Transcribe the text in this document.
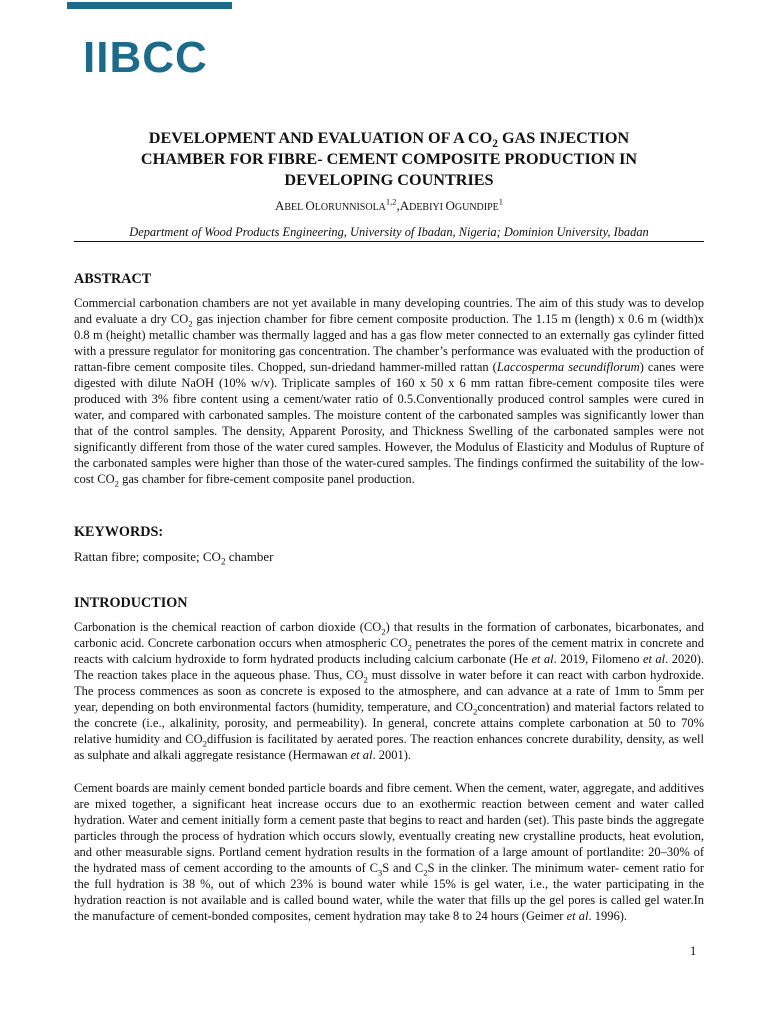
IIBCC
DEVELOPMENT AND EVALUATION OF A $CO_2$ GAS INJECTION
CHAMBER FOR FIBRE- CEMENT COMPOSITE PRODUCTION IN
DEVELOPING COUNTRIES
ABEL OLORUNNISOLA$^{1,2}$,ADEBIYI OGUNDIPE$^1$
Department of Wood Products Engineering, University of Ibadan, Nigeria; Dominion University, Ibadan
ABSTRACT

Commercial carbonation chambers are not yet available in many developing countries. The aim of this study was to develop and evaluate a dry $CO_2$ gas injection chamber for fibre cement composite production. The 1.15 m (length) x 0.6 m (width)x 0.8 m (height) metallic chamber was thermally lagged and has a gas flow meter connected to an externally gas cylinder fitted with a pressure regulator for monitoring gas concentration. The chamber’s performance was evaluated with the production of rattan-fibre cement composite tiles. Chopped, sun-driedand hammer-milled rattan (Laccosperma secundiflorum) canes were digested with dilute NaOH (10% w/v). Triplicate samples of 160 x 50 x 6 mm rattan fibre-cement composite tiles were produced with 3% fibre content using a cement/water ratio of 0.5.Conventionally produced control samples were cured in water, and compared with carbonated samples. The moisture content of the carbonated samples was significantly lower than that of the control samples. The density, Apparent Porosity, and Thickness Swelling of the carbonated samples were not significantly different from those of the water cured samples. However, the Modulus of Elasticity and Modulus of Rupture of the carbonated samples were higher than those of the water-cured samples. The findings confirmed the suitability of the low-cost $CO_2$ gas chamber for fibre-cement composite panel production.

KEYWORDS:
Rattan fibre; composite; $CO_2$ chamber
INTRODUCTION

Carbonation is the chemical reaction of carbon dioxide $(CO_2)$ that results in the formation of carbonates, bicarbonates, and carbonic acid. Concrete carbonation occurs when atmospheric $CO_2$ penetrates the pores of the cement matrix in concrete and reacts with calcium hydroxide to form hydrated products including calcium carbonate (He et al. 2019, Filomeno et al. 2020). The reaction takes place in the aqueous phase. Thus, $CO_2$ must dissolve in water before it can react with carbon hydroxide. The process commences as soon as concrete is exposed to the atmosphere, and can advance at a rate of 1mm to 5mm per year, depending on both environmental factors (humidity, temperature, and $CO_2concentration$) and material factors related to the concrete (i.e., alkalinity, porosity, and permeability). In general, concrete attains complete carbonation at 50 to 70% relative humidity and $CO_2diffusion$ is facilitated by aerated pores. The reaction enhances concrete durability, density, as well as sulphate and alkali aggregate resistance (Hermawan et al. 2001).

Cement boards are mainly cement bonded particle boards and fibre cement. When the cement, water, aggregate, and additives are mixed together, a significant heat increase occurs due to an exothermic reaction between cement and water called hydration. Water and cement initially form a cement paste that begins to react and harden (set). This paste binds the aggregate particles through the process of hydration which occurs slowly, eventually creating new crystalline products, heat evolution, and other measurable signs. Portland cement hydration results in the formation of a large amount of portlandite: 20–30% of the hydrated mass of cement according to the amounts of $C_3S$ and $C_2S$ in the clinker. The minimum water- cement ratio for the full hydration is 38 %, out of which 23% is bound water while 15% is gel water, i.e., the water participating in the hydration reaction is not available and is called bound water, while the water that fills up the gel pores is called gel water.In the manufacture of cement-bonded composites, cement hydration may take 8 to 24 hours (Geimer et al. 1996).

1
